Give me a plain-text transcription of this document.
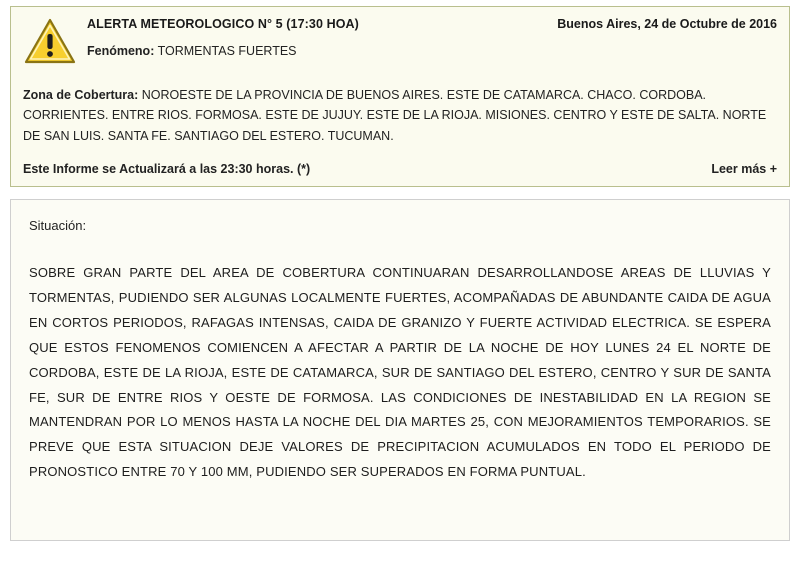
ALERTA METEOROLOGICO N° 5 (17:30 HOA)	Buenos Aires, 24 de Octubre de 2016
Fenómeno: TORMENTAS FUERTES
Zona de Cobertura: NOROESTE DE LA PROVINCIA DE BUENOS AIRES. ESTE DE CATAMARCA. CHACO. CORDOBA. CORRIENTES. ENTRE RIOS. FORMOSA. ESTE DE JUJUY. ESTE DE LA RIOJA. MISIONES. CENTRO Y ESTE DE SALTA. NORTE DE SAN LUIS. SANTA FE. SANTIAGO DEL ESTERO. TUCUMAN.
Este Informe se Actualizará a las 23:30 horas. (*)	Leer más +
Situación:
SOBRE GRAN PARTE DEL AREA DE COBERTURA CONTINUARAN DESARROLLANDOSE AREAS DE LLUVIAS Y TORMENTAS, PUDIENDO SER ALGUNAS LOCALMENTE FUERTES, ACOMPAÑADAS DE ABUNDANTE CAIDA DE AGUA EN CORTOS PERIODOS, RAFAGAS INTENSAS, CAIDA DE GRANIZO Y FUERTE ACTIVIDAD ELECTRICA. SE ESPERA QUE ESTOS FENOMENOS COMIENCEN A AFECTAR A PARTIR DE LA NOCHE DE HOY LUNES 24 EL NORTE DE CORDOBA, ESTE DE LA RIOJA, ESTE DE CATAMARCA, SUR DE SANTIAGO DEL ESTERO, CENTRO Y SUR DE SANTA FE, SUR DE ENTRE RIOS Y OESTE DE FORMOSA. LAS CONDICIONES DE INESTABILIDAD EN LA REGION SE MANTENDRAN POR LO MENOS HASTA LA NOCHE DEL DIA MARTES 25, CON MEJORAMIENTOS TEMPORARIOS. SE PREVE QUE ESTA SITUACION DEJE VALORES DE PRECIPITACION ACUMULADOS EN TODO EL PERIODO DE PRONOSTICO ENTRE 70 Y 100 MM, PUDIENDO SER SUPERADOS EN FORMA PUNTUAL.
